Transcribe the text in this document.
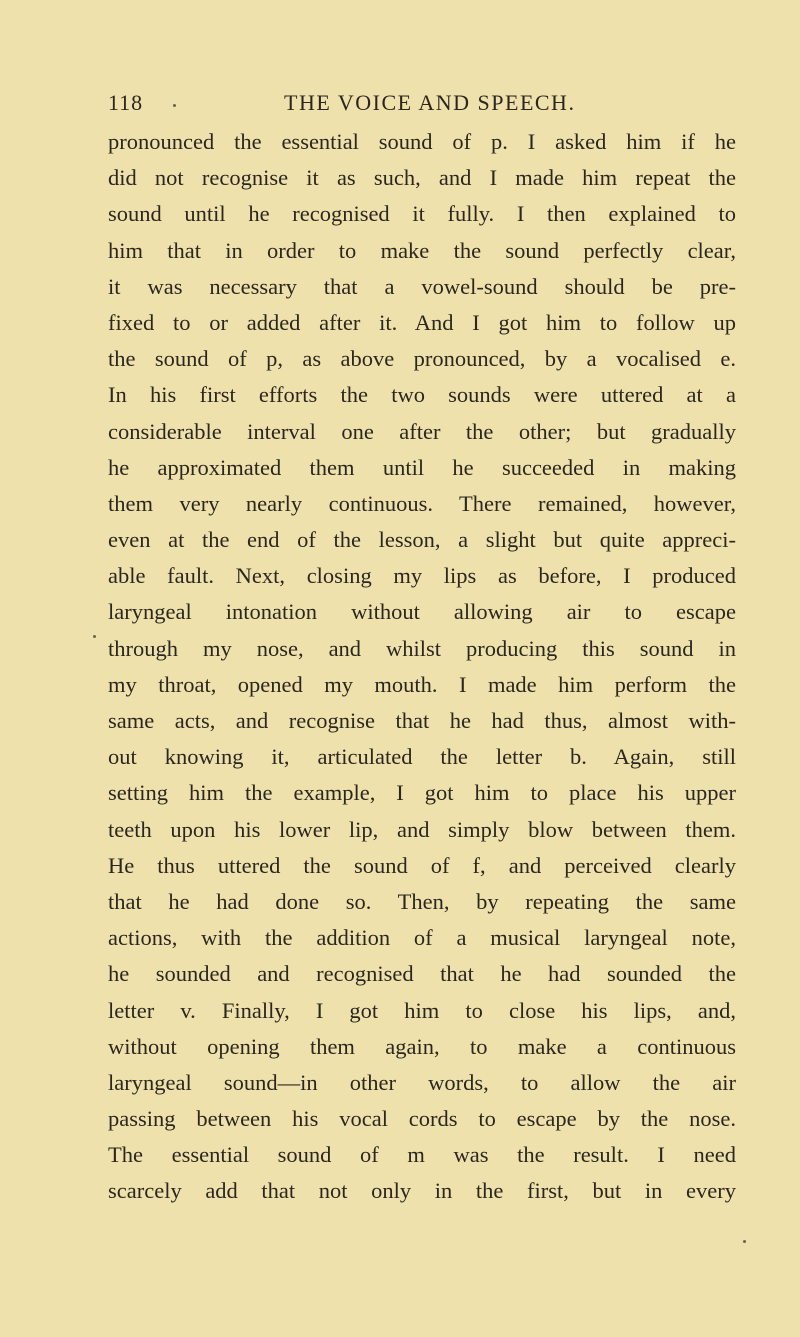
118	THE VOICE AND SPEECH.
pronounced the essential sound of p. I asked him if he
did not recognise it as such, and I made him repeat the
sound until he recognised it fully. I then explained to
him that in order to make the sound perfectly clear,
it was necessary that a vowel-sound should be pre-
fixed to or added after it. And I got him to follow up
the sound of p, as above pronounced, by a vocalised e.
In his first efforts the two sounds were uttered at a
considerable interval one after the other; but gradually
he approximated them until he succeeded in making
them very nearly continuous. There remained, however,
even at the end of the lesson, a slight but quite appreci-
able fault. Next, closing my lips as before, I produced
laryngeal intonation without allowing air to escape
through my nose, and whilst producing this sound in
my throat, opened my mouth. I made him perform the
same acts, and recognise that he had thus, almost with-
out knowing it, articulated the letter b. Again, still
setting him the example, I got him to place his upper
teeth upon his lower lip, and simply blow between them.
He thus uttered the sound of f, and perceived clearly
that he had done so. Then, by repeating the same
actions, with the addition of a musical laryngeal note,
he sounded and recognised that he had sounded the
letter v. Finally, I got him to close his lips, and,
without opening them again, to make a continuous
laryngeal sound—in other words, to allow the air
passing between his vocal cords to escape by the nose.
The essential sound of m was the result. I need
scarcely add that not only in the first, but in every
